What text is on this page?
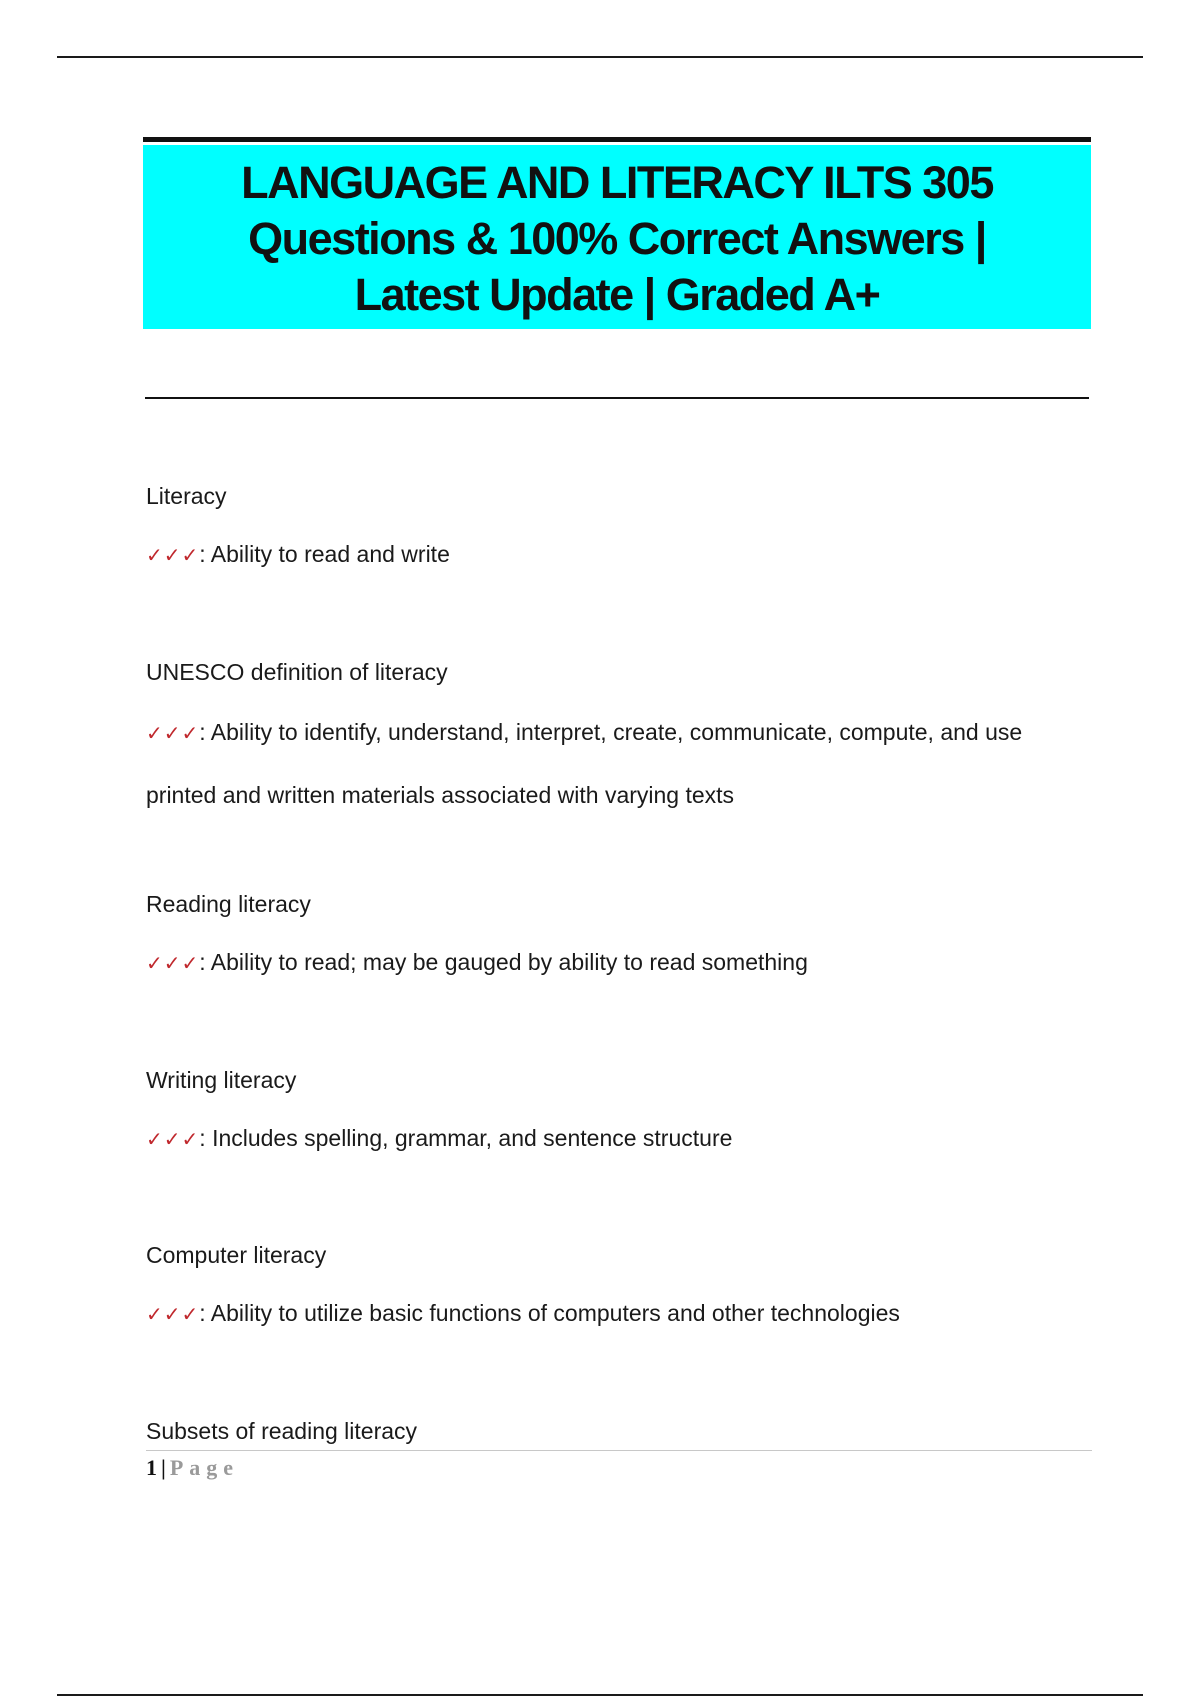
LANGUAGE AND LITERACY ILTS 305
Questions & 100% Correct Answers |
Latest Update | Graded A+

Literacy

✓✓✓: Ability to read and write

UNESCO definition of literacy

✓✓✓: Ability to identify, understand, interpret, create, communicate, compute, and use printed and written materials associated with varying texts

Reading literacy

✓✓✓: Ability to read; may be gauged by ability to read something

Writing literacy

✓✓✓: Includes spelling, grammar, and sentence structure

Computer literacy

✓✓✓: Ability to utilize basic functions of computers and other technologies

Subsets of reading literacy

1 | Page
